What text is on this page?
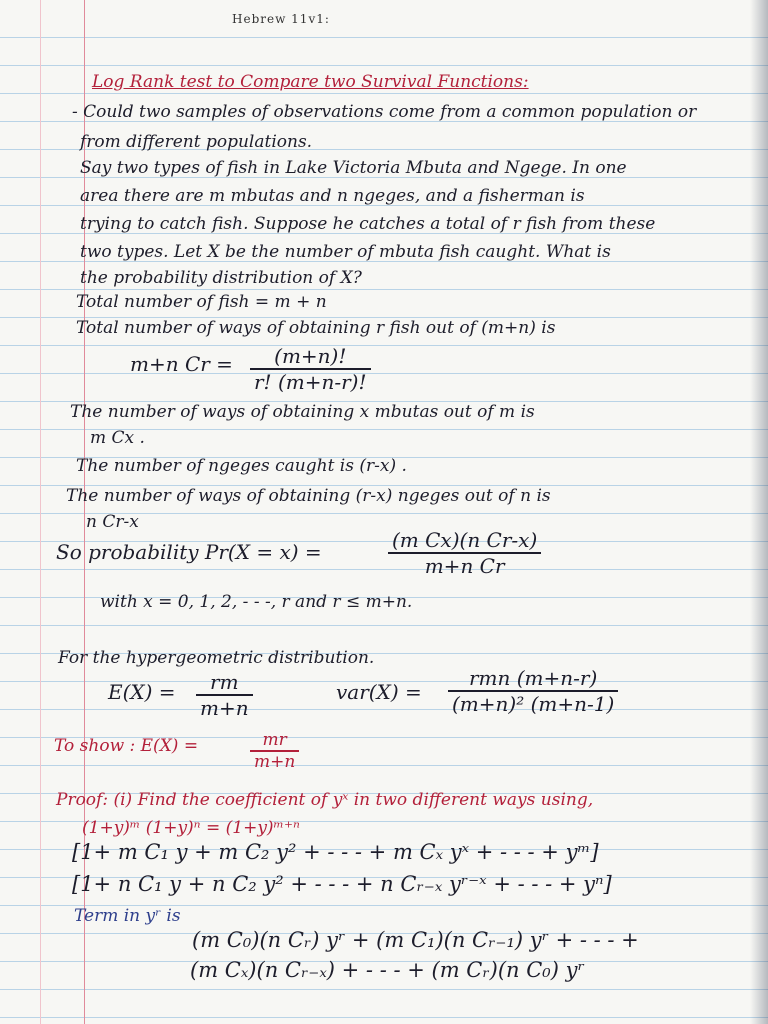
Hebrew 11v1:
Log Rank test to Compare two Survival Functions:
- Could two samples of observations come from a common population or
from different populations.
Say two types of fish in Lake Victoria Mbuta and Ngege. In one
area there are m mbutas and n ngeges, and a fisherman is
trying to catch fish. Suppose he catches a total of r fish from these
two types. Let X be the number of mbuta fish caught. What is
the probability distribution of X?
Total number of fish = m + n
Total number of ways of obtaining r fish out of (m+n) is
m+n $Cr = \frac{(m+n)!}{r! (m+n-r)!}$
The number of ways of obtaining x mbutas out of m is
m Cx .
The number of ngeges caught is (r-x) .
The number of ways of obtaining (r-x) ngeges out of n is
n Cr-x
So probability Pr(X = x) =	$\frac{\text{(m Cx)(n Cr-x)}}{\text{m+n Cr}}$
with x = 0, 1, 2, - - -, r and r ≤ m+n.
For the hypergeometric distribution.
$E(X) = \frac{rm}{m+n}$	var(X) =
rmn (m+n-r)
(m+n)² (m+n-1)
To show : E(X) =	$\frac{mr}{m+n}$
Proof: (i) Find the coefficient of yˣ in two different ways using,
(1+y)ᵐ (1+y)ⁿ = (1+y)ᵐ⁺ⁿ
[1+ m C₁ y + m C₂ y² + - - - + m Cₓ yˣ + - - - + yᵐ]
[1+ n C₁ y + n C₂ y² + - - - + n Cᵣ₋ₓ yʳ⁻ˣ + - - - + yⁿ]
Term in yʳ is
(m C₀)(n Cᵣ) yʳ + (m C₁)(n Cᵣ₋₁) yʳ + - - - +
(m Cₓ)(n Cᵣ₋ₓ) + - - - + (m Cᵣ)(n C₀) yʳ
